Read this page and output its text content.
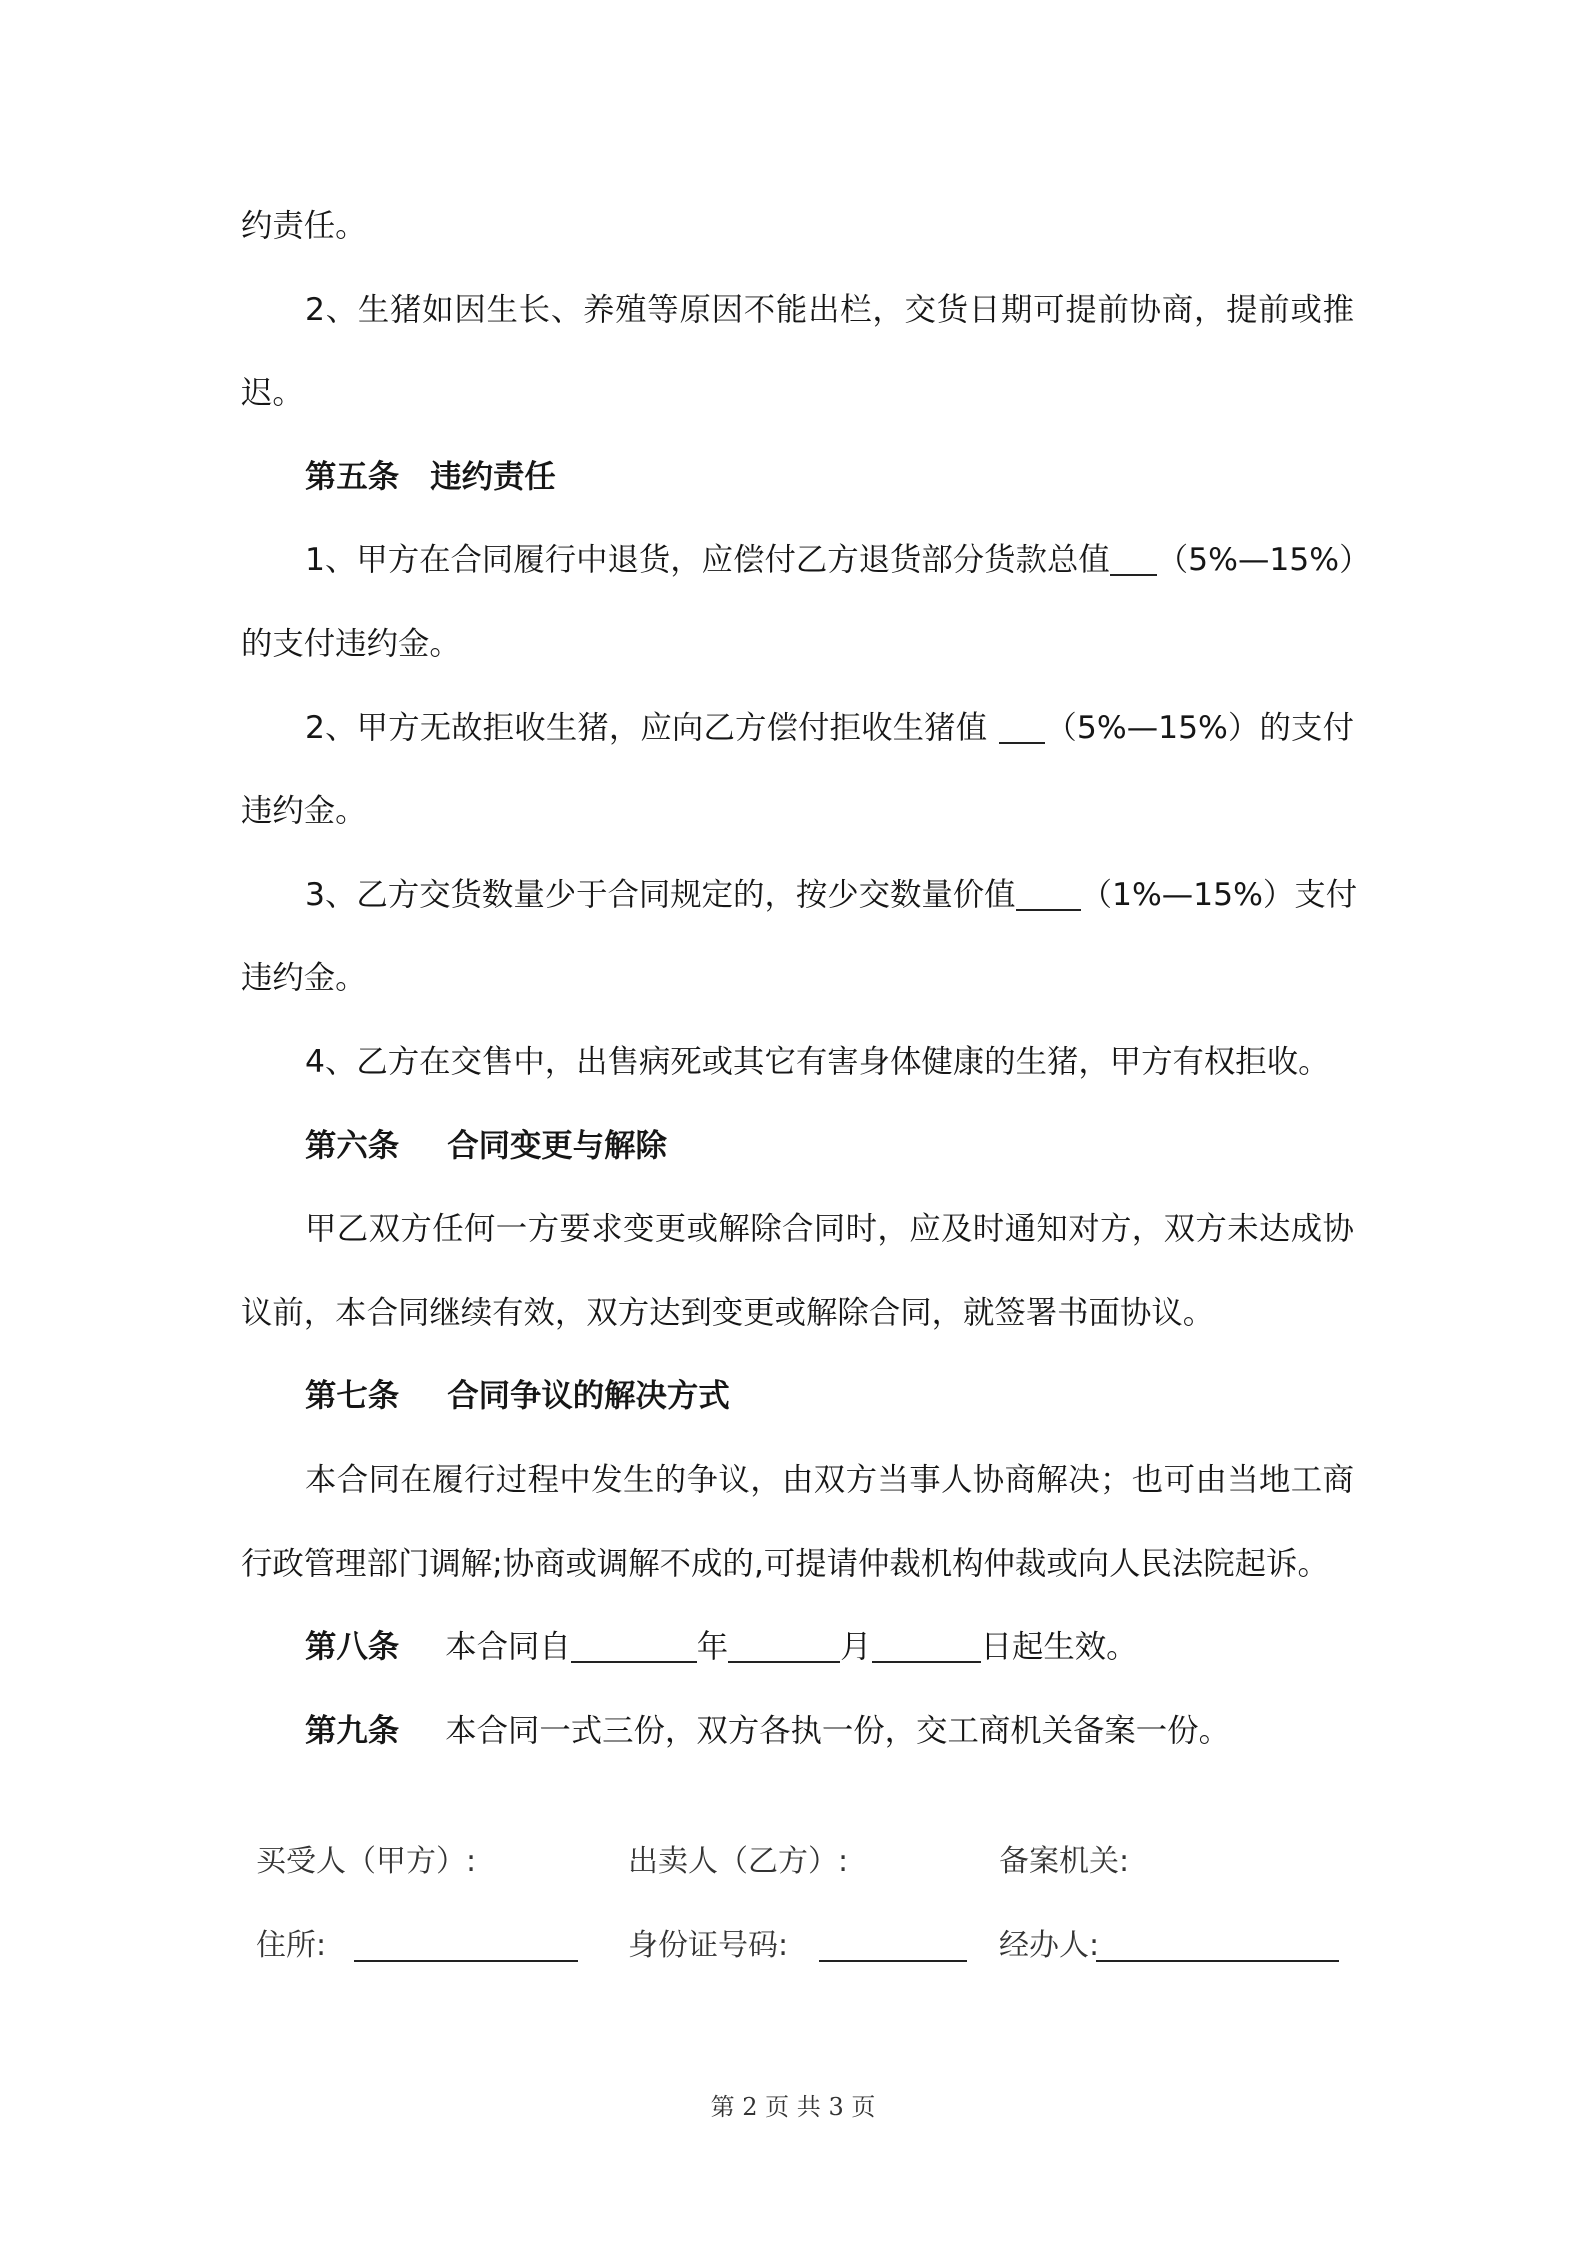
约责任。
2、生猪如因生长、养殖等原因不能出栏，交货日期可提前协商，提前或推
迟。
第五条 违约责任
1、甲方在合同履行中退货，应偿付乙方退货部分货款总值 （5%—15%）
的支付违约金。
2、甲方无故拒收生猪，应向乙方偿付拒收生猪值 （5%—15%）的支付
违约金。
3、乙方交货数量少于合同规定的，按少交数量价值 （1%—15%）支付
违约金。
4、乙方在交售中，出售病死或其它有害身体健康的生猪，甲方有权拒收。
第六条 合同变更与解除
甲乙双方任何一方要求变更或解除合同时，应及时通知对方，双方未达成协
议前，本合同继续有效，双方达到变更或解除合同，就签署书面协议。
第七条 合同争议的解决方式
本合同在履行过程中发生的争议，由双方当事人协商解决；也可由当地工商
行政管理部门调解;协商或调解不成的,可提请仲裁机构仲裁或向人民法院起诉。
第八条 本合同自	年	月	日起生效。
第九条 本合同一式三份，双方各执一份，交工商机关备案一份。
买受人（甲方）:	出卖人（乙方）:	备案机关:
住所:	身份证号码:	经办人:
第 2 页 共 3 页
